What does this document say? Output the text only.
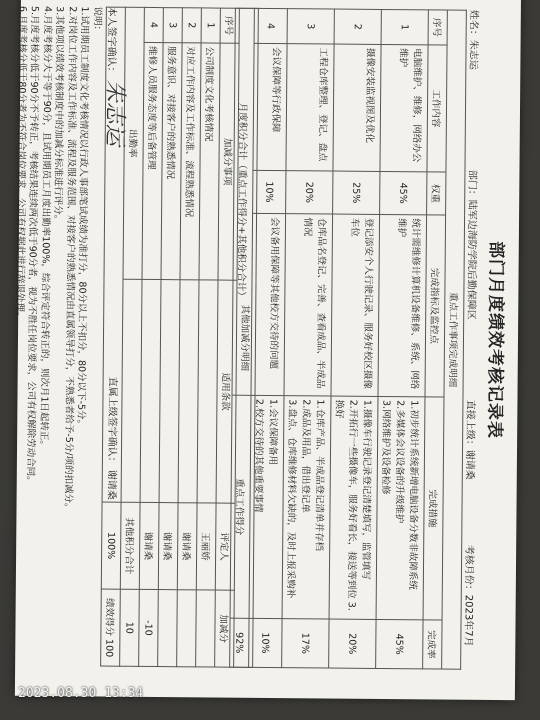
部门月度绩效考核记录表
姓名：朱志运
部门：陆军边海防学院后勤保障区
直接上级：谢请桑
考核月份：2023年7月
重点工作事项完成明细					
序号	工作内容	权重	完成指标及监控点	完成措施	完成率
1	电脑维护、维修，网络办公维护	45%	统计需维修计算机设备维修、系统、网络维护	1.初步统计系统新增电脑设备分数非故障系统
2.多媒体会议设备的升级维护
3.网络维护及设备检修	45%
2	摄像安装监视图及优化	25%	登记添安个人行驶记录、服务好校区摄像车位	1.摄像车行驶记录登记清楚填写，监管填写
2.开拓行一些摄像车，服务好看长，接送等到位 3.换好	20%
3	工程仓库整理、登记、盘点	20%	仓库品名登记、完善、查看成品、半成品情况	1.仓库产品、半成品登记清单并存档
2.成品及用品，借出登记单
3.盘点、仓库维修材料欠缺的，及时上报采购补	17%
4	会议保障等行政保障	10%	会议备用保障等其他校方交待的问题	1.会议保障备用
2.校方交待的其他重要事情	10%
月度积分合计（重点工作得分+其他积分合计）				重点工作得分	92%
其他加减分明细				
序号	加减分事项	适用条款	评定人	加减分
1	公司制度文化考核情况		王丽娇	
2	对应工作内容及工作标准、流程熟悉情况		谢请桑	
3	服务意识、对接客户的熟悉情况		谢请桑	
4	维修人员服务态度等后备管理		谢请桑	-10
出勤率			其他积分合计	10
			100%	绩效得分 100
本人签字确认： 朱志运
直属上级签字确认： 谢请桑
说明：
1.试用期员工制度文化考核情况以行政人事部笔试成绩为准打分，80分以上不扣分，80分以下-5分。
2.对岗位工作内容及工作标准、流程及服务范围、对接客户的熟悉情况由直属领导打分，不熟悉者给予-5分/项的扣减分。
3.其他项以绩效考核制度中的加减分标准进行评分。
4.月度考核分大于等于90分，且试用期员工月度出勤率100%，综合评定符合转正的，则次月1日起转正。
5.月度考核分低于90分不予转正，考核结果连续两次低于90分者，视为不胜任岗位要求，公司有权解除劳动合同。
6.月度考核分低于80分者为不符合岗位要求，公司有权据此进行辞退处理。
2023.08.30 13:34
